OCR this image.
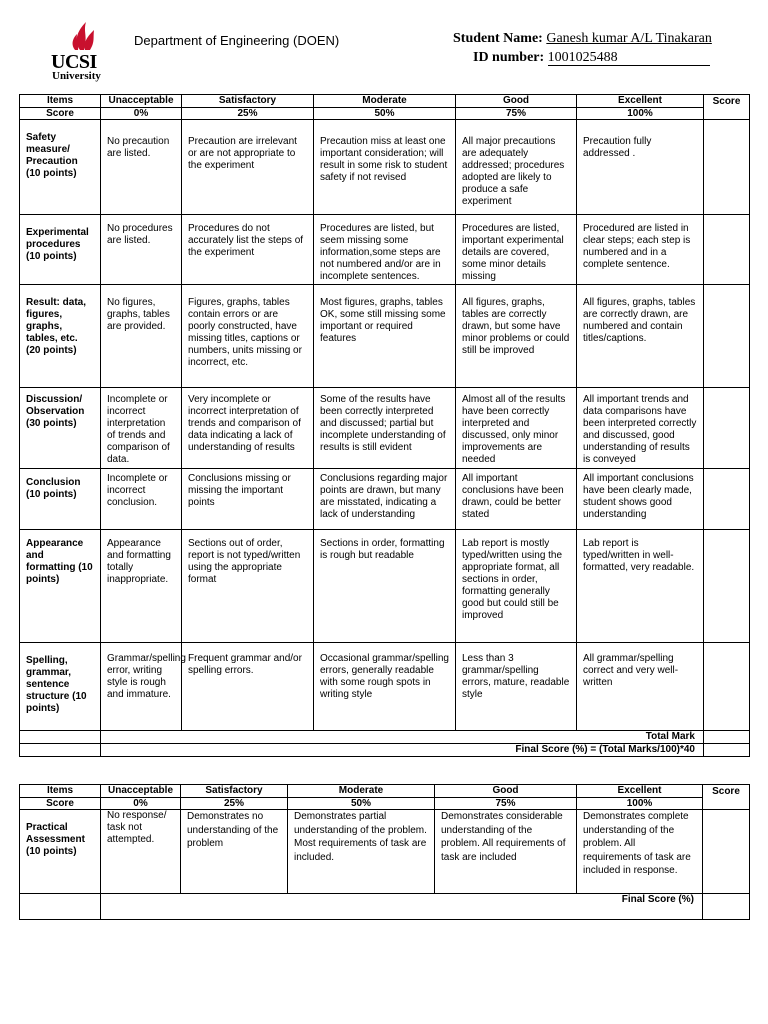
UCSI
University
Department of Engineering (DOEN)	Student Name: Ganesh kumar A/L Tinakaran
ID number: 1001025488
Items	Unacceptable	Satisfactory	Moderate	Good	Excellent	Score
Score	0%	25%	50%	75%	100%	
Safety measure/ Precaution (10 points)	No precaution are listed.	Precaution are irrelevant or are not appropriate to the experiment	Precaution miss at least one important consideration; will result in some risk to student safety if not revised	All major precautions are adequately addressed; procedures adopted are likely to produce a safe experiment	Precaution fully addressed .	
Experimental procedures (10 points)	No procedures are listed.	Procedures do not accurately list the steps of the experiment	Procedures are listed, but seem missing some information,some steps are not numbered and/or are in incomplete sentences.	Procedures are listed, important experimental details are covered, some minor details missing	Procedured are listed in clear steps; each step is numbered and in a complete sentence.	
Result: data, figures, graphs, tables, etc. (20 points)	No figures, graphs, tables are provided.	Figures, graphs, tables contain errors or are poorly constructed, have missing titles, captions or numbers, units missing or incorrect, etc.	Most figures, graphs, tables OK, some still missing some important or required features	All figures, graphs, tables are correctly drawn, but some have minor problems or could still be improved	All figures, graphs, tables are correctly drawn, are numbered and contain titles/captions.	
Discussion/ Observation (30 points)	Incomplete or incorrect interpretation of trends and comparison of data.	Very incomplete or incorrect interpretation of trends and comparison of data indicating a lack of understanding of results	Some of the results have been correctly interpreted and discussed; partial but incomplete understanding of results is still evident	Almost all of the results have been correctly interpreted and discussed, only minor improvements are needed	All important trends and data comparisons have been interpreted correctly and discussed, good understanding of results is conveyed	
Conclusion (10 points)	Incomplete or incorrect conclusion.	Conclusions missing or missing the important points	Conclusions regarding major points are drawn, but many are misstated, indicating a lack of understanding	All important conclusions have been drawn, could be better stated	All important conclusions have been clearly made, student shows good understanding	
Appearance and formatting (10 points)	Appearance and formatting totally inappropriate.	Sections out of order, report is not typed/written using the appropriate format	Sections in order, formatting is rough but readable	Lab report is mostly typed/written using the appropriate format, all sections in order, formatting generally good but could still be improved	Lab report is typed/written in well-formatted, very readable.	
Spelling, grammar, sentence structure (10 points)	Grammar/spelling error, writing style is rough and immature.	Frequent grammar and/or spelling errors.	Occasional grammar/spelling errors, generally readable with some rough spots in writing style	Less than 3 grammar/spelling errors, mature, readable style	All grammar/spelling correct and very well-written	
	Total Mark					
	Final Score (%) = (Total Marks/100)*40					
Items	Unacceptable	Satisfactory	Moderate	Good	Excellent	Score
Score	0%	25%	50%	75%	100%	
Practical Assessment (10 points)	No response/ task not attempted.	Demonstrates no understanding of the problem	Demonstrates partial understanding of the problem. Most requirements of task are included.	Demonstrates considerable understanding of the problem. All requirements of task are included	Demonstrates complete understanding of the problem. All requirements of task are included in response.	
	Final Score (%)					
